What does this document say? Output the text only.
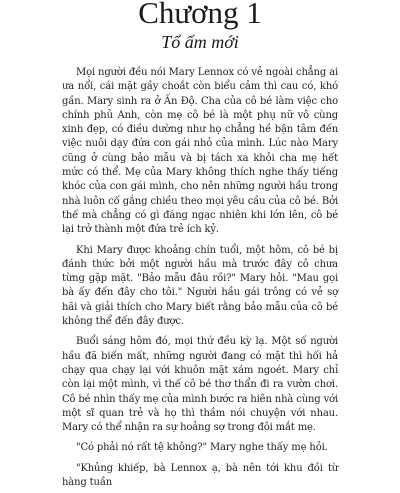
Chương 1
Tổ ấm mới

Mọi người đều nói Mary Lennox có vẻ ngoài chẳng ai ưa nổi, cái mặt gầy choắt còn biểu cảm thì cau có, khó gần. Mary sinh ra ở Ấn Độ. Cha của cô bé làm việc cho chính phủ Anh, còn mẹ cô bé là một phụ nữ vô cùng xinh đẹp, có điều dường như họ chẳng hề bận tâm đến việc nuôi dạy đứa con gái nhỏ của mình. Lúc nào Mary cũng ở cùng bảo mẫu và bị tách xa khỏi cha mẹ hết mức có thể. Mẹ của Mary không thích nghe thấy tiếng khóc của con gái mình, cho nên những người hầu trong nhà luôn cố gắng chiều theo mọi yêu cầu của cô bé. Bởi thế mà chẳng có gì đáng ngạc nhiên khi lớn lên, cô bé lại trở thành một đứa trẻ ích kỷ.

Khi Mary được khoảng chín tuổi, một hôm, cô bé bị đánh thức bởi một người hầu mà trước đây cô chưa từng gặp mặt. "Bảo mẫu đâu rồi?" Mary hỏi. "Mau gọi bà ấy đến đây cho tôi." Người hầu gái trông có vẻ sợ hãi và giải thích cho Mary biết rằng bảo mẫu của cô bé không thể đến đây được.

Buổi sáng hôm đó, mọi thứ đều kỳ lạ. Một số người hầu đã biến mất, những người đang có mặt thì hối hả chạy qua chạy lại với khuôn mặt xám ngoét. Mary chỉ còn lại một mình, vì thế cô bé thơ thẩn đi ra vườn chơi. Cô bé nhìn thấy mẹ của mình bước ra hiên nhà cùng với một sĩ quan trẻ và họ thì thầm nói chuyện với nhau. Mary có thể nhận ra sự hoảng sợ trong đôi mắt mẹ.

"Có phải nó rất tệ không?" Mary nghe thấy mẹ hỏi.

"Khủng khiếp, bà Lennox ạ, bà nên tới khu đồi từ hàng tuần
